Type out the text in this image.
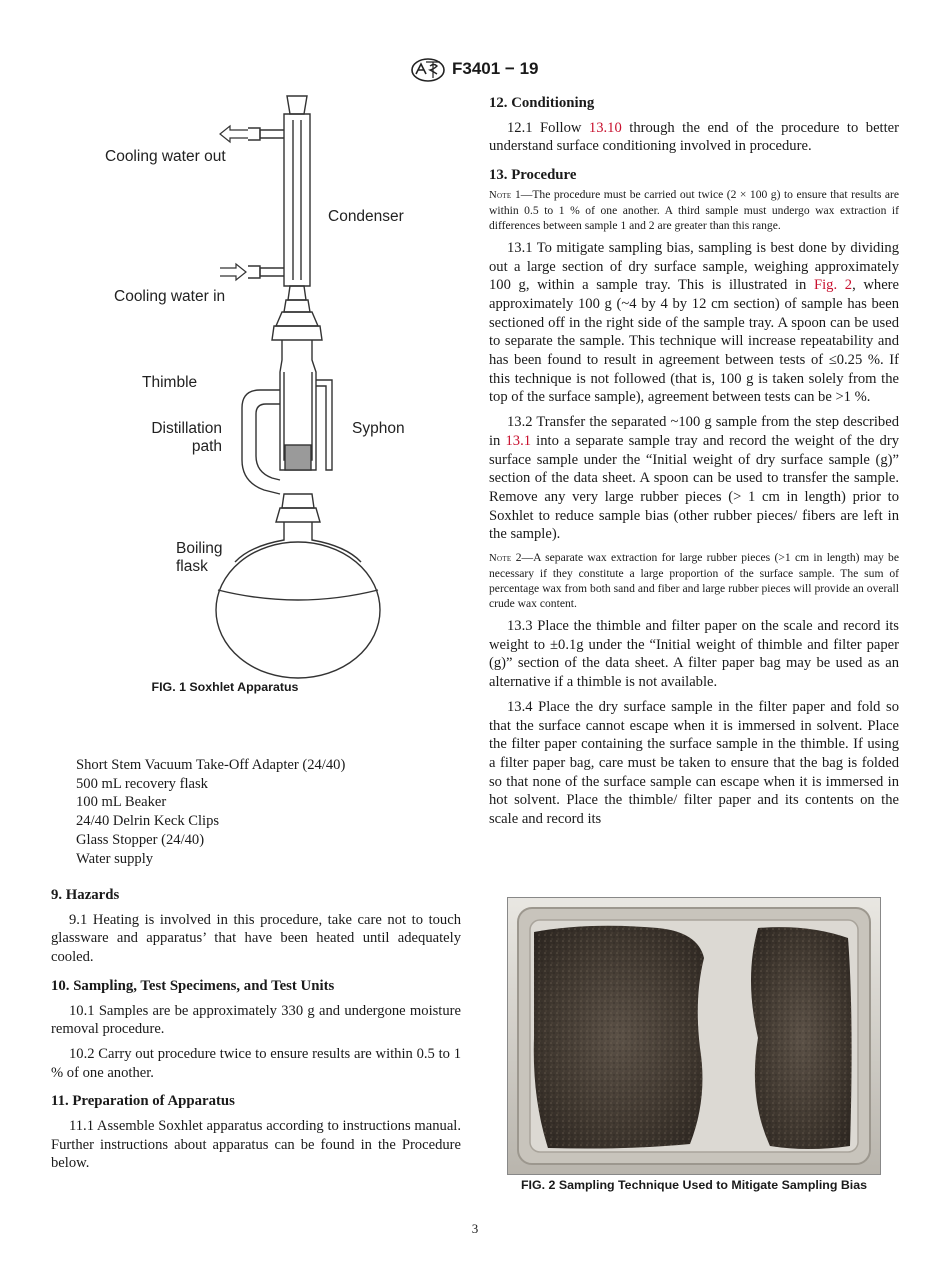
F3401 − 19
Cooling water out
Condenser
Cooling water in
Thimble
Distillation
path
Syphon
Boiling
flask
FIG. 1 Soxhlet Apparatus
Short Stem Vacuum Take-Off Adapter (24/40)
500 mL recovery flask
100 mL Beaker
24/40 Delrin Keck Clips
Glass Stopper (24/40)
Water supply
9. Hazards

9.1 Heating is involved in this procedure, take care not to touch glassware and apparatus’ that have been heated until adequately cooled.

10. Sampling, Test Specimens, and Test Units

10.1 Samples are be approximately 330 g and undergone moisture removal procedure.

10.2 Carry out procedure twice to ensure results are within 0.5 to 1 % of one another.

11. Preparation of Apparatus

11.1 Assemble Soxhlet apparatus according to instructions manual. Further instructions about apparatus can be found in the Procedure below.

12. Conditioning

12.1 Follow 13.10 through the end of the procedure to better understand surface conditioning involved in procedure.

13. Procedure

Note 1—The procedure must be carried out twice (2 × 100 g) to ensure that results are within 0.5 to 1 % of one another. A third sample must undergo wax extraction if differences between sample 1 and 2 are greater than this range.

13.1 To mitigate sampling bias, sampling is best done by dividing out a large section of dry surface sample, weighing approximately 100 g, within a sample tray. This is illustrated in Fig. 2, where approximately 100 g (~4 by 4 by 12 cm section) of sample has been sectioned off in the right side of the sample tray. A spoon can be used to separate the sample. This technique will increase repeatability and has been found to result in agreement between tests of ≤0.25 %. If this technique is not followed (that is, 100 g is taken solely from the top of the surface sample), agreement between tests can be >1 %.

13.2 Transfer the separated ~100 g sample from the step described in 13.1 into a separate sample tray and record the weight of the dry surface sample under the “Initial weight of dry surface sample (g)” section of the data sheet. A spoon can be used to transfer the sample. Remove any very large rubber pieces (> 1 cm in length) prior to Soxhlet to reduce sample bias (other rubber pieces/ fibers are left in the sample).

Note 2—A separate wax extraction for large rubber pieces (>1 cm in length) may be necessary if they constitute a large proportion of the surface sample. The sum of percentage wax from both sand and fiber and large rubber pieces will provide an overall crude wax content.

13.3 Place the thimble and filter paper on the scale and record its weight to ±0.1g under the “Initial weight of thimble and filter paper (g)” section of the data sheet. A filter paper bag may be used as an alternative if a thimble is not available.

13.4 Place the dry surface sample in the filter paper and fold so that the surface cannot escape when it is immersed in solvent. Place the filter paper containing the surface sample in the thimble. If using a filter paper bag, care must be taken to ensure that the bag is folded so that none of the surface sample can escape when it is immersed in hot solvent. Place the thimble/ filter paper and its contents on the scale and record its

FIG. 2 Sampling Technique Used to Mitigate Sampling Bias
3
